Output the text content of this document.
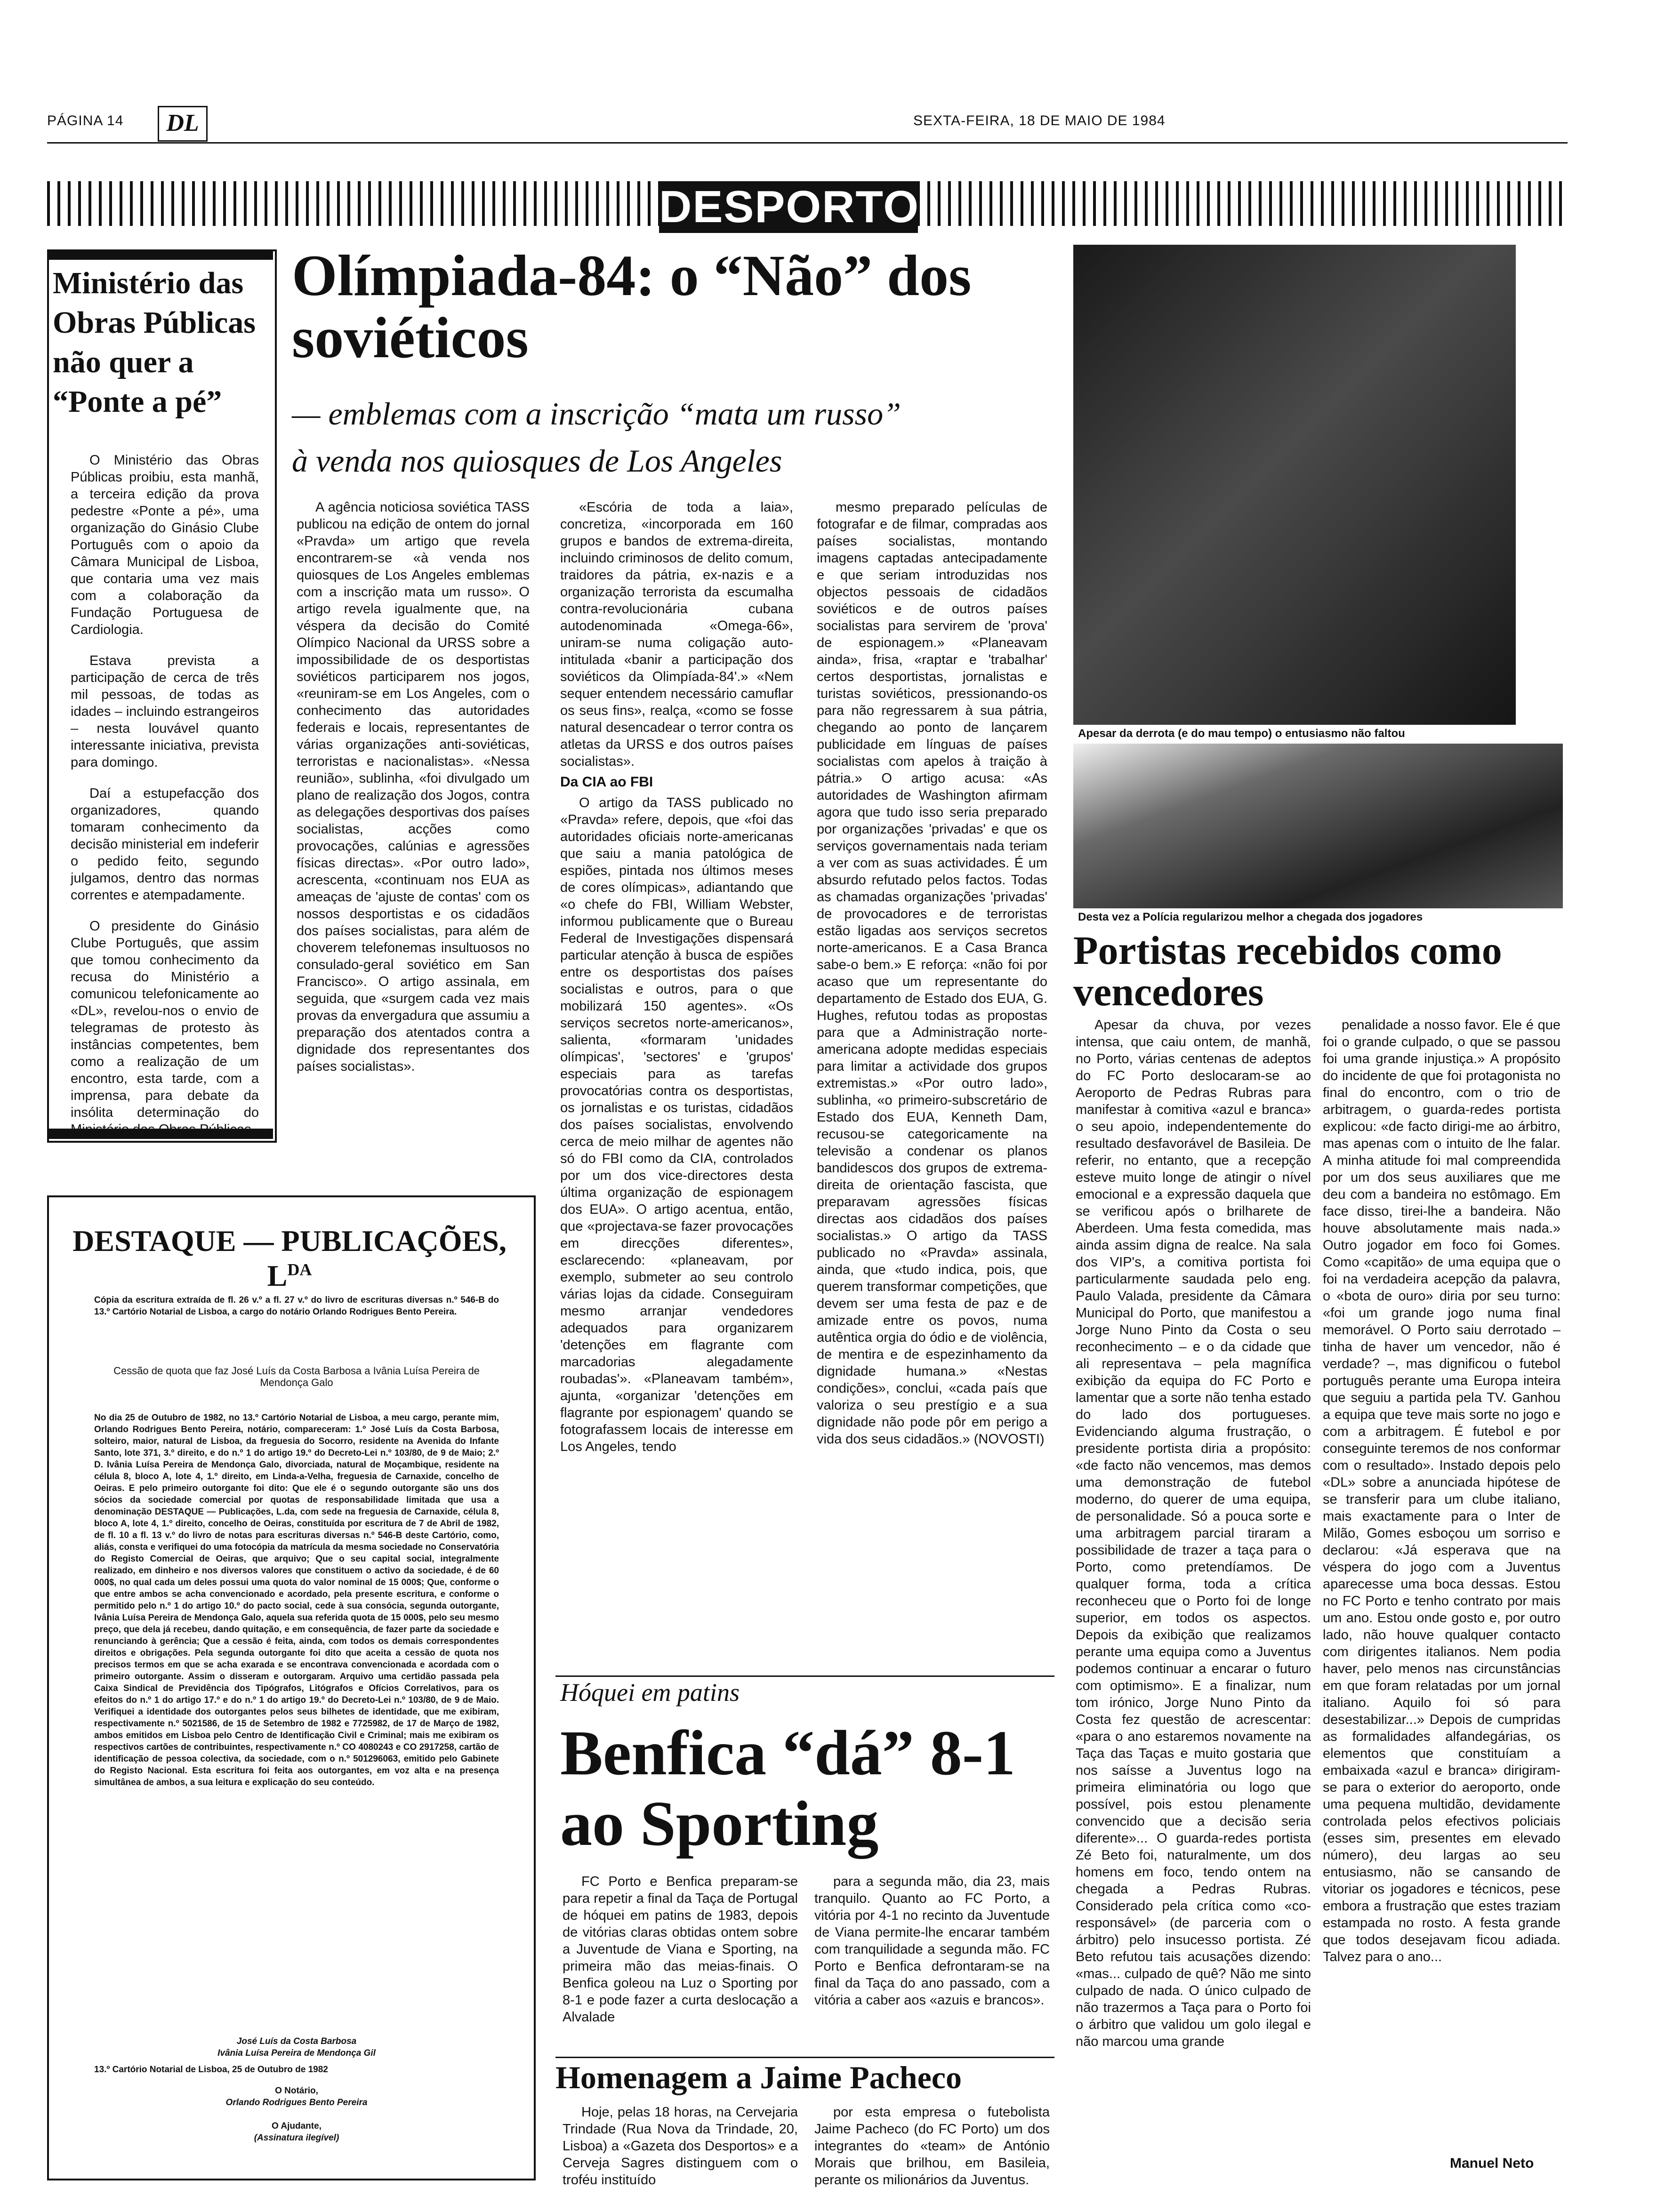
PÁGINA 14	DL	SEXTA-FEIRA, 18 DE MAIO DE 1984
DESPORTO
Ministério das Obras Públicas não quer a “Ponte a pé”

O Ministério das Obras Públicas proibiu, esta manhã, a terceira edição da prova pedestre «Ponte a pé», uma organização do Ginásio Clube Português com o apoio da Câmara Municipal de Lisboa, que contaria uma vez mais com a colaboração da Fundação Portuguesa de Cardiologia.

Estava prevista a participação de cerca de três mil pessoas, de todas as idades – incluindo estrangeiros – nesta louvável quanto interessante iniciativa, prevista para domingo.

Daí a estupefacção dos organizadores, quando tomaram conhecimento da decisão ministerial em indeferir o pedido feito, segundo julgamos, dentro das normas correntes e atempadamente.

O presidente do Ginásio Clube Português, que assim que tomou conhecimento da recusa do Ministério a comunicou telefonicamente ao «DL», revelou-nos o envio de telegramas de protesto às instâncias competentes, bem como a realização de um encontro, esta tarde, com a imprensa, para debate da insólita determinação do

Olímpiada-84: o “Não” dos soviéticos
— emblemas com a inscrição “mata um russo”
à venda nos quiosques de Los Angeles

A agência noticiosa soviética TASS publicou na edição de ontem do jornal «Pravda» um artigo que revela encontrarem-se «à venda nos quiosques de Los Angeles emblemas com a inscrição mata um russo». O artigo revela igualmente que, na véspera da decisão do Comité Olímpico Nacional da URSS sobre a impossibilidade de os desportistas soviéticos participarem nos jogos, «reuniram-se em Los Angeles, com o conhecimento das autoridades federais e locais, representantes de várias organizações anti-soviéticas, terroristas e nacionalistas». «Nessa reunião», sublinha, «foi divulgado um plano de realização dos Jogos, contra as delegações desportivas dos países socialistas, acções como provocações, calúnias e agressões físicas directas». «Por outro lado», acrescenta, «continuam nos EUA as ameaças de 'ajuste de contas' com os nossos desportistas e os cidadãos dos países socialistas, para além de choverem telefonemas insultuosos no consulado-geral soviético em San Francisco». O artigo assinala, em seguida, que «surgem cada vez mais provas da envergadura que assumiu a preparação dos atentados contra a dignidade dos representantes dos países socialistas».

«Escória de toda a laia», concretiza, «incorporada em 160 grupos e bandos de extrema-direita, incluindo criminosos de delito comum, traidores da pátria, ex-nazis e a organização terrorista da escumalha contra-revolucionária cubana autodenominada «Omega-66», uniram-se numa coligação auto-intitulada «banir a participação dos soviéticos da Olimpíada-84'.» «Nem sequer entendem necessário camuflar os seus fins», realça, «como se fosse natural desencadear o terror contra os atletas da URSS e dos outros países socialistas».

Da CIA ao FBI

O artigo da TASS publicado no «Pravda» refere, depois, que «foi das autoridades oficiais norte-americanas que saiu a mania patológica de espiões, pintada nos últimos meses de cores olímpicas», adiantando que «o chefe do FBI, William Webster, informou publicamente que o Bureau Federal de Investigações dispensará particular atenção à busca de espiões entre os desportistas dos países socialistas e outros, para o que mobilizará 150 agentes». «Os serviços secretos norte-americanos», salienta, «formaram 'unidades olímpicas', 'sectores' e 'grupos' especiais para as tarefas provocatórias contra os desportistas, os jornalistas e os turistas, cidadãos dos países socialistas, envolvendo cerca de meio milhar de agentes não só do FBI como da CIA, controlados por um dos vice-directores desta última organização de espionagem dos EUA». O artigo acentua, então, que «projectava-se fazer provocações em direcções diferentes», esclarecendo: «planeavam, por exemplo, submeter ao seu controlo várias lojas da cidade. Conseguiram mesmo arranjar vendedores adequados para organizarem 'detenções em flagrante com marcadorias alegadamente roubadas'». «Planeavam também», ajunta, «organizar 'detenções em flagrante por espionagem' quando se fotografassem locais de interesse em Los Angeles, tendo

mesmo preparado películas de fotografar e de filmar, compradas aos países socialistas, montando imagens captadas antecipadamente e que seriam introduzidas nos objectos pessoais de cidadãos soviéticos e de outros países socialistas para servirem de 'prova' de espionagem.» «Planeavam ainda», frisa, «raptar e 'trabalhar' certos desportistas, jornalistas e turistas soviéticos, pressionando-os para não regressarem à sua pátria, chegando ao ponto de lançarem publicidade em línguas de países socialistas com apelos à traição à pátria.» O artigo acusa: «As autoridades de Washington afirmam agora que tudo isso seria preparado por organizações 'privadas' e que os serviços governamentais nada teriam a ver com as suas actividades. É um absurdo refutado pelos factos. Todas as chamadas organizações 'privadas' de provocadores e de terroristas estão ligadas aos serviços secretos norte-americanos. E a Casa Branca sabe-o bem.» E reforça: «não foi por acaso que um representante do departamento de Estado dos EUA, G. Hughes, refutou todas as propostas para que a Administração norte-americana adopte medidas especiais para limitar a actividade dos grupos extremistas.» «Por outro lado», sublinha, «o primeiro-subscretário de Estado dos EUA, Kenneth Dam, recusou-se categoricamente na televisão a condenar os planos bandidescos dos grupos de extrema-direita de orientação fascista, que preparavam agressões físicas directas aos cidadãos dos países socialistas.» O artigo da TASS publicado no «Pravda» assinala, ainda, que «tudo indica, pois, que querem transformar competições, que devem ser uma festa de paz e de amizade entre os povos, numa autêntica orgia do ódio e de violência, de mentira e de espezinhamento da dignidade humana.» «Nestas condições», conclui, «cada país que valoriza o seu prestígio e a sua dignidade não pode pôr em perigo a vida dos seus cidadãos.» (NOVOSTI)

Apesar da derrota (e do mau tempo) o entusiasmo não faltou
Desta vez a Polícia regularizou melhor a chegada dos jogadores
Portistas recebidos como vencedores

Apesar da chuva, por vezes intensa, que caiu ontem, de manhã, no Porto, várias centenas de adeptos do FC Porto deslocaram-se ao Aeroporto de Pedras Rubras para manifestar à comitiva «azul e branca» o seu apoio, independentemente do resultado desfavorável de Basileia. De referir, no entanto, que a recepção esteve muito longe de atingir o nível emocional e a expressão daquela que se verificou após o brilharete de Aberdeen. Uma festa comedida, mas ainda assim digna de realce. Na sala dos VIP's, a comitiva portista foi particularmente saudada pelo eng. Paulo Valada, presidente da Câmara Municipal do Porto, que manifestou a Jorge Nuno Pinto da Costa o seu reconhecimento – e o da cidade que ali representava – pela magnífica exibição da equipa do FC Porto e lamentar que a sorte não tenha estado do lado dos portugueses. Evidenciando alguma frustração, o presidente portista diria a propósito: «de facto não vencemos, mas demos uma demonstração de futebol moderno, do querer de uma equipa, de personalidade. Só a pouca sorte e uma arbitragem parcial tiraram a possibilidade de trazer a taça para o Porto, como pretendíamos. De qualquer forma, toda a crítica reconheceu que o Porto foi de longe superior, em todos os aspectos. Depois da exibição que realizamos perante uma equipa como a Juventus podemos continuar a encarar o futuro com optimismo». E a finalizar, num tom irónico, Jorge Nuno Pinto da Costa fez questão de acrescentar: «para o ano estaremos novamente na Taça das Taças e muito gostaria que nos saísse a Juventus logo na primeira eliminatória ou logo que possível, pois estou plenamente convencido que a decisão seria diferente»... O guarda-redes portista Zé Beto foi, naturalmente, um dos homens em foco, tendo ontem na chegada a Pedras Rubras. Considerado pela crítica como «co-responsável» (de parceria com o árbitro) pelo insucesso portista. Zé Beto refutou tais acusações dizendo: «mas... culpado de quê? Não me sinto culpado de nada. O único culpado de não trazermos a Taça para o Porto foi o árbitro que validou um golo ilegal e não marcou uma grande

penalidade a nosso favor. Ele é que foi o grande culpado, o que se passou foi uma grande injustiça.» A propósito do incidente de que foi protagonista no final do encontro, com o trio de arbitragem, o guarda-redes portista explicou: «de facto dirigi-me ao árbitro, mas apenas com o intuito de lhe falar. A minha atitude foi mal compreendida por um dos seus auxiliares que me deu com a bandeira no estômago. Em face disso, tirei-lhe a bandeira. Não houve absolutamente mais nada.» Outro jogador em foco foi Gomes. Como «capitão» de uma equipa que o foi na verdadeira acepção da palavra, o «bota de ouro» diria por seu turno: «foi um grande jogo numa final memorável. O Porto saiu derrotado – tinha de haver um vencedor, não é verdade? –, mas dignificou o futebol português perante uma Europa inteira que seguiu a partida pela TV. Ganhou a equipa que teve mais sorte no jogo e com a arbitragem. É futebol e por conseguinte teremos de nos conformar com o resultado». Instado depois pelo «DL» sobre a anunciada hipótese de se transferir para um clube italiano, mais exactamente para o Inter de Milão, Gomes esboçou um sorriso e declarou: «Já esperava que na véspera do jogo com a Juventus aparecesse uma boca dessas. Estou no FC Porto e tenho contrato por mais um ano. Estou onde gosto e, por outro lado, não houve qualquer contacto com dirigentes italianos. Nem podia haver, pelo menos nas circunstâncias em que foram relatadas por um jornal italiano. Aquilo foi só para desestabilizar...» Depois de cumpridas as formalidades alfandegárias, os elementos que constituíam a embaixada «azul e branca» dirigiram-se para o exterior do aeroporto, onde uma pequena multidão, devidamente controlada pelos efectivos policiais (esses sim, presentes em elevado número), deu largas ao seu entusiasmo, não se cansando de vitoriar os jogadores e técnicos, pese embora a frustração que estes traziam estampada no rosto. A festa grande que todos desejavam ficou adiada. Talvez para o ano...

Manuel Neto
DESTAQUE — PUBLICAÇÕES, $L^{DA}$
Cópia da escritura extraída de fl. 26 v.º a fl. 27 v.º do livro de escrituras diversas n.º 546-B do 13.º Cartório Notarial de Lisboa, a cargo do notário Orlando Rodrigues Bento Pereira.
Cessão de quota que faz José Luís da Costa Barbosa a Ivânia Luísa Pereira de Mendonça Galo
No dia 25 de Outubro de 1982, no 13.º Cartório Notarial de Lisboa, a meu cargo, perante mim, Orlando Rodrigues Bento Pereira, notário, compareceram: 1.º José Luís da Costa Barbosa, solteiro, maior, natural de Lisboa, da freguesia do Socorro, residente na Avenida do Infante Santo, lote 371, 3.º direito, e do n.º 1 do artigo 19.º do Decreto-Lei n.º 103/80, de 9 de Maio; 2.º D. Ivânia Luísa Pereira de Mendonça Galo, divorciada, natural de Moçambique, residente na célula 8, bloco A, lote 4, 1.º direito, em Linda-a-Velha, freguesia de Carnaxide, concelho de Oeiras. E pelo primeiro outorgante foi dito: Que ele é o segundo outorgante são uns dos sócios da sociedade comercial por quotas de responsabilidade limitada que usa a denominação DESTAQUE — Publicações, L.da, com sede na freguesia de Carnaxide, célula 8, bloco A, lote 4, 1.º direito, concelho de Oeiras, constituída por escritura de 7 de Abril de 1982, de fl. 10 a fl. 13 v.º do livro de notas para escrituras diversas n.º 546-B deste Cartório, como, aliás, consta e verifiquei do uma fotocópia da matrícula da mesma sociedade no Conservatória do Registo Comercial de Oeiras, que arquivo; Que o seu capital social, integralmente realizado, em dinheiro e nos diversos valores que constituem o activo da sociedade, é de 60 000$, no qual cada um deles possui uma quota do valor nominal de 15 000$; Que, conforme o que entre ambos se acha convencionado e acordado, pela presente escritura, e conforme o permitido pelo n.º 1 do artigo 10.º do pacto social, cede à sua consócia, segunda outorgante, Ivânia Luísa Pereira de Mendonça Galo, aquela sua referida quota de 15 000$, pelo seu mesmo preço, que dela já recebeu, dando quitação, e em consequência, de fazer parte da sociedade e renunciando à gerência; Que a cessão é feita, ainda, com todos os demais correspondentes direitos e obrigações. Pela segunda outorgante foi dito que aceita a cessão de quota nos precisos termos em que se acha exarada e se encontrava convencionada e acordada com o primeiro outorgante. Assim o disseram e outorgaram. Arquivo uma certidão passada pela Caixa Sindical de Previdência dos Tipógrafos, Litógrafos e Ofícios Correlativos, para os efeitos do n.º 1 do artigo 17.º e do n.º 1 do artigo 19.º do Decreto-Lei n.º 103/80, de 9 de Maio. Verifiquei a identidade dos outorgantes pelos seus bilhetes de identidade, que me exibiram, respectivamente n.º 5021586, de 15 de Setembro de 1982 e 7725982, de 17 de Março de 1982, ambos emitidos em Lisboa pelo Centro de Identificação Civil e Criminal; mais me exibiram os respectivos cartões de contribuintes, respectivamente n.º CO 4080243 e CO 2917258, cartão de identificação de pessoa colectiva, da sociedade, com o n.º 501296063, emitido pelo Gabinete do Registo Nacional. Esta escritura foi feita aos outorgantes, em voz alta e na presença simultânea de ambos, a sua leitura e explicação do seu conteúdo.
José Luís da Costa Barbosa
Ivânia Luísa Pereira de Mendonça Gil
13.º Cartório Notarial de Lisboa, 25 de Outubro de 1982
O Notário,
Orlando Rodrigues Bento Pereira
O Ajudante,
(Assinatura ilegível)
Hóquei em patins
Benfica “dá” 8-1 ao Sporting

FC Porto e Benfica preparam-se para repetir a final da Taça de Portugal de hóquei em patins de 1983, depois de vitórias claras obtidas ontem sobre a Juventude de Viana e Sporting, na primeira mão das meias-finais. O Benfica goleou na Luz o Sporting por 8-1 e pode fazer a curta deslocação a Alvalade

para a segunda mão, dia 23, mais tranquilo. Quanto ao FC Porto, a vitória por 4-1 no recinto da Juventude de Viana permite-lhe encarar também com tranquilidade a segunda mão. FC Porto e Benfica defrontaram-se na final da Taça do ano passado, com a vitória a caber aos «azuis e brancos».

Homenagem a Jaime Pacheco

Hoje, pelas 18 horas, na Cervejaria Trindade (Rua Nova da Trindade, 20, Lisboa) a «Gazeta dos Desportos» e a Cerveja Sagres distinguem com o troféu instituído

por esta empresa o futebolista Jaime Pacheco (do FC Porto) um dos integrantes do «team» de António Morais que brilhou, em Basileia, perante os milionários da Juventus.
